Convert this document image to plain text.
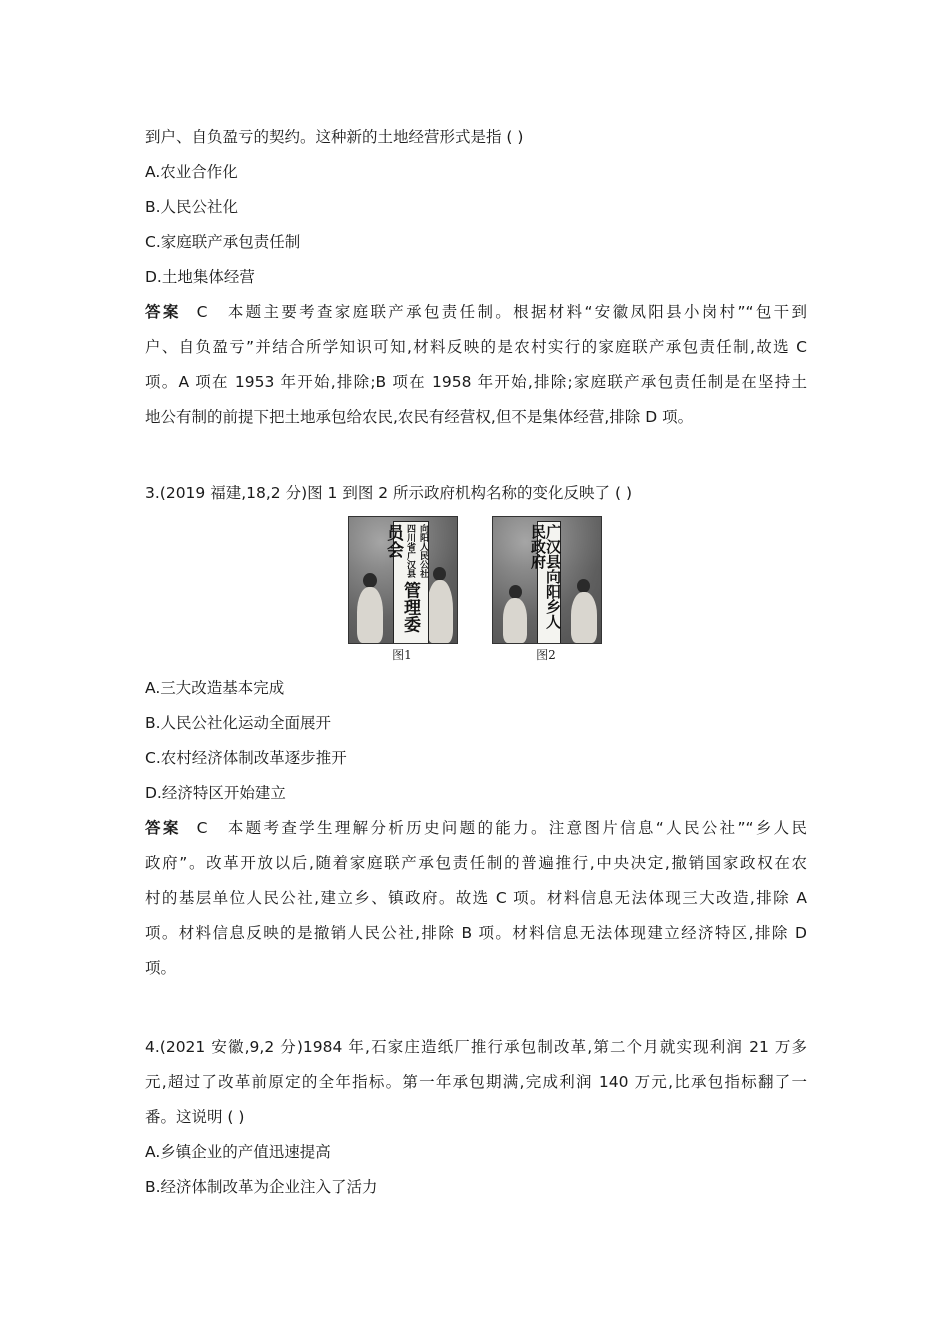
到户、自负盈亏的契约。这种新的土地经营形式是指 ( )
A.农业合作化
B.人民公社化
C.家庭联产承包责任制
D.土地集体经营
答案 C 本题主要考查家庭联产承包责任制。根据材料“安徽凤阳县小岗村”“包干到
户、自负盈亏”并结合所学知识可知,材料反映的是农村实行的家庭联产承包责任制,故选 C
项。A 项在 1953 年开始,排除;B 项在 1958 年开始,排除;家庭联产承包责任制是在坚持土
地公有制的前提下把土地承包给农民,农民有经营权,但不是集体经营,排除 D 项。
3.(2019 福建,18,2 分)图 1 到图 2 所示政府机构名称的变化反映了 ( )
向阳人民公社
四川省广汉县 管理委员会	广汉县向阳乡人民政府
图1	图2
A.三大改造基本完成
B.人民公社化运动全面展开
C.农村经济体制改革逐步推开
D.经济特区开始建立
答案 C 本题考查学生理解分析历史问题的能力。注意图片信息“人民公社”“乡人民
政府”。改革开放以后,随着家庭联产承包责任制的普遍推行,中央决定,撤销国家政权在农
村的基层单位人民公社,建立乡、镇政府。故选 C 项。材料信息无法体现三大改造,排除 A
项。材料信息反映的是撤销人民公社,排除 B 项。材料信息无法体现建立经济特区,排除 D
项。
4.(2021 安徽,9,2 分)1984 年,石家庄造纸厂推行承包制改革,第二个月就实现利润 21 万多
元,超过了改革前原定的全年指标。第一年承包期满,完成利润 140 万元,比承包指标翻了一
番。这说明 ( )
A.乡镇企业的产值迅速提高
B.经济体制改革为企业注入了活力
